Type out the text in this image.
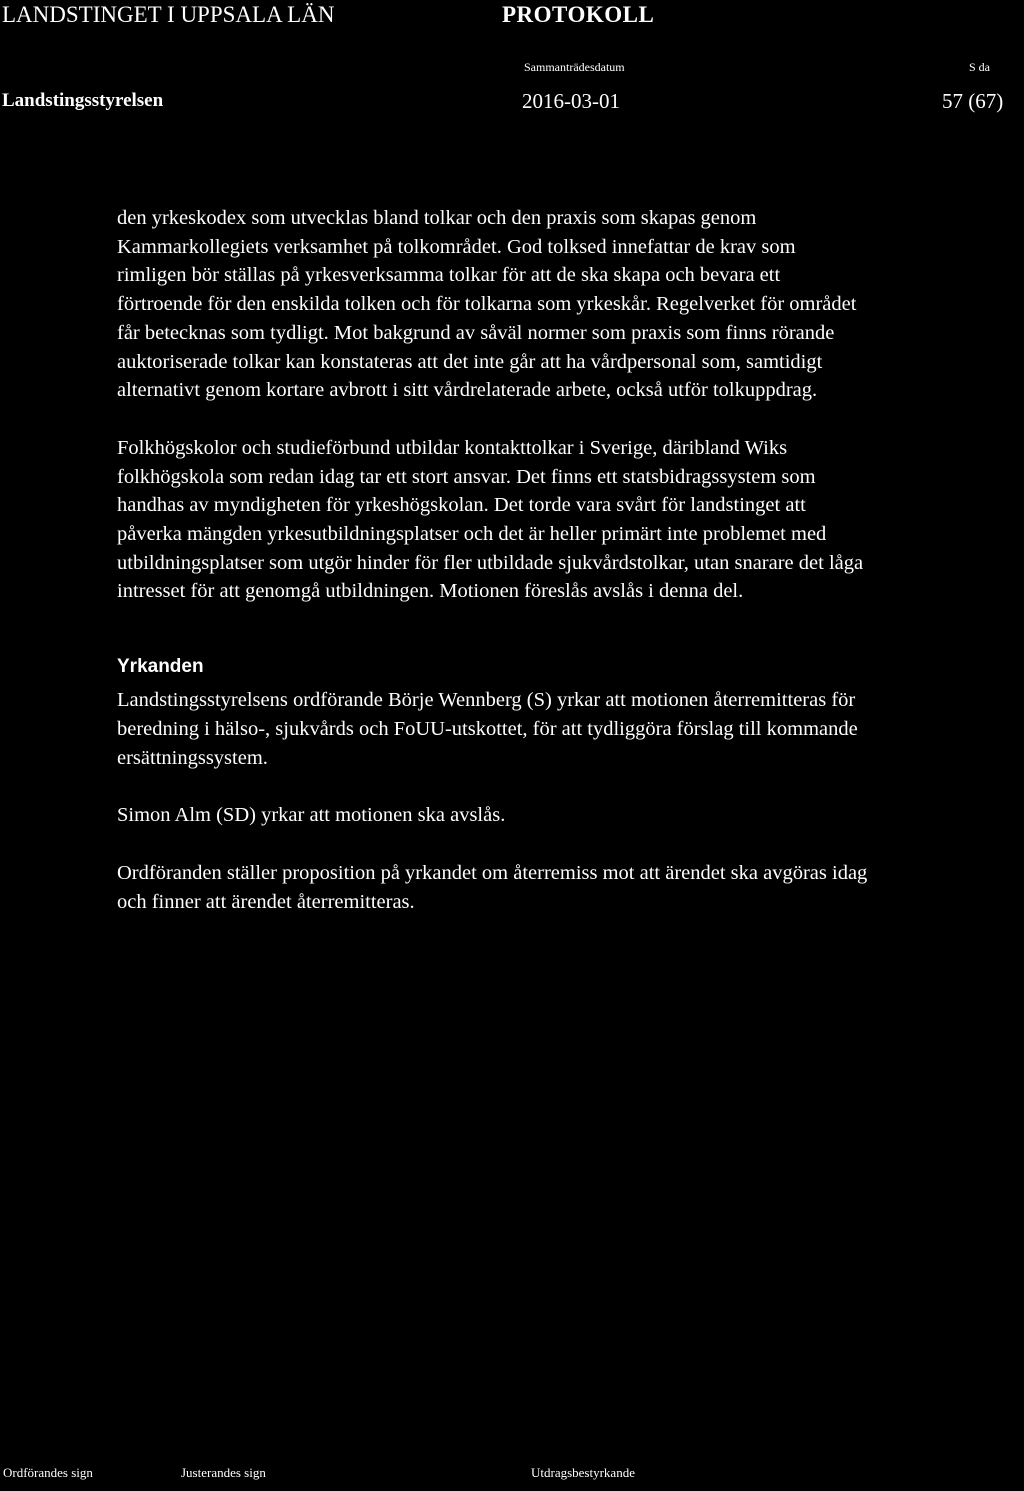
LANDSTINGET I UPPSALA LÄN	PROTOKOLL
Sammanträdesdatum	S da
Landstingsstyrelsen	2016-03-01	57 (67)

den yrkeskodex som utvecklas bland tolkar och den praxis som skapas genom
Kammarkollegiets verksamhet på tolkområdet. God tolksed innefattar de krav som
rimligen bör ställas på yrkesverksamma tolkar för att de ska skapa och bevara ett
förtroende för den enskilda tolken och för tolkarna som yrkeskår. Regelverket för området
får betecknas som tydligt. Mot bakgrund av såväl normer som praxis som finns rörande
auktoriserade tolkar kan konstateras att det inte går att ha vårdpersonal som, samtidigt
alternativt genom kortare avbrott i sitt vårdrelaterade arbete, också utför tolkuppdrag.

Folkhögskolor och studieförbund utbildar kontakttolkar i Sverige, däribland Wiks
folkhögskola som redan idag tar ett stort ansvar. Det finns ett statsbidragssystem som
handhas av myndigheten för yrkeshögskolan. Det torde vara svårt för landstinget att
påverka mängden yrkesutbildningsplatser och det är heller primärt inte problemet med
utbildningsplatser som utgör hinder för fler utbildade sjukvårdstolkar, utan snarare det låga
intresset för att genomgå utbildningen. Motionen föreslås avslås i denna del.

Yrkanden

Landstingsstyrelsens ordförande Börje Wennberg (S) yrkar att motionen återremitteras för
beredning i hälso-, sjukvårds och FoUU-utskottet, för att tydliggöra förslag till kommande
ersättningssystem.

Simon Alm (SD) yrkar att motionen ska avslås.

Ordföranden ställer proposition på yrkandet om återremiss mot att ärendet ska avgöras idag
och finner att ärendet återremitteras.

Ordförandes sign	Justerandes sign	Utdragsbestyrkande
